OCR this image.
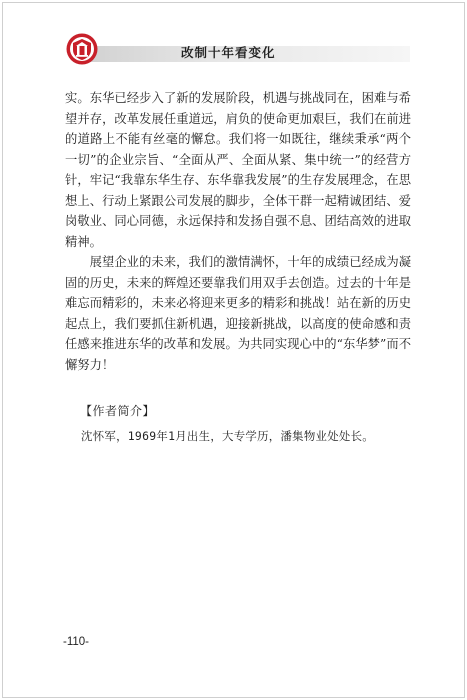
改制十年看变化

实。东华已经步入了新的发展阶段，机遇与挑战同在，困难与希望并存，改革发展任重道远，肩负的使命更加艰巨，我们在前进的道路上不能有丝毫的懈怠。我们将一如既往，继续秉承“两个一切”的企业宗旨、“全面从严、全面从紧、集中统一”的经营方针，牢记“我靠东华生存、东华靠我发展”的生存发展理念，在思想上、行动上紧跟公司发展的脚步，全体干群一起精诚团结、爱岗敬业、同心同德，永远保持和发扬自强不息、团结高效的进取精神。

展望企业的未来，我们的激情满怀，十年的成绩已经成为凝固的历史，未来的辉煌还要靠我们用双手去创造。过去的十年是难忘而精彩的，未来必将迎来更多的精彩和挑战！站在新的历史起点上，我们要抓住新机遇，迎接新挑战，以高度的使命感和责任感来推进东华的改革和发展。为共同实现心中的“东华梦”而不懈努力！

【作者简介】
沈怀军，1969年1月出生，大专学历，潘集物业处处长。
-110-
